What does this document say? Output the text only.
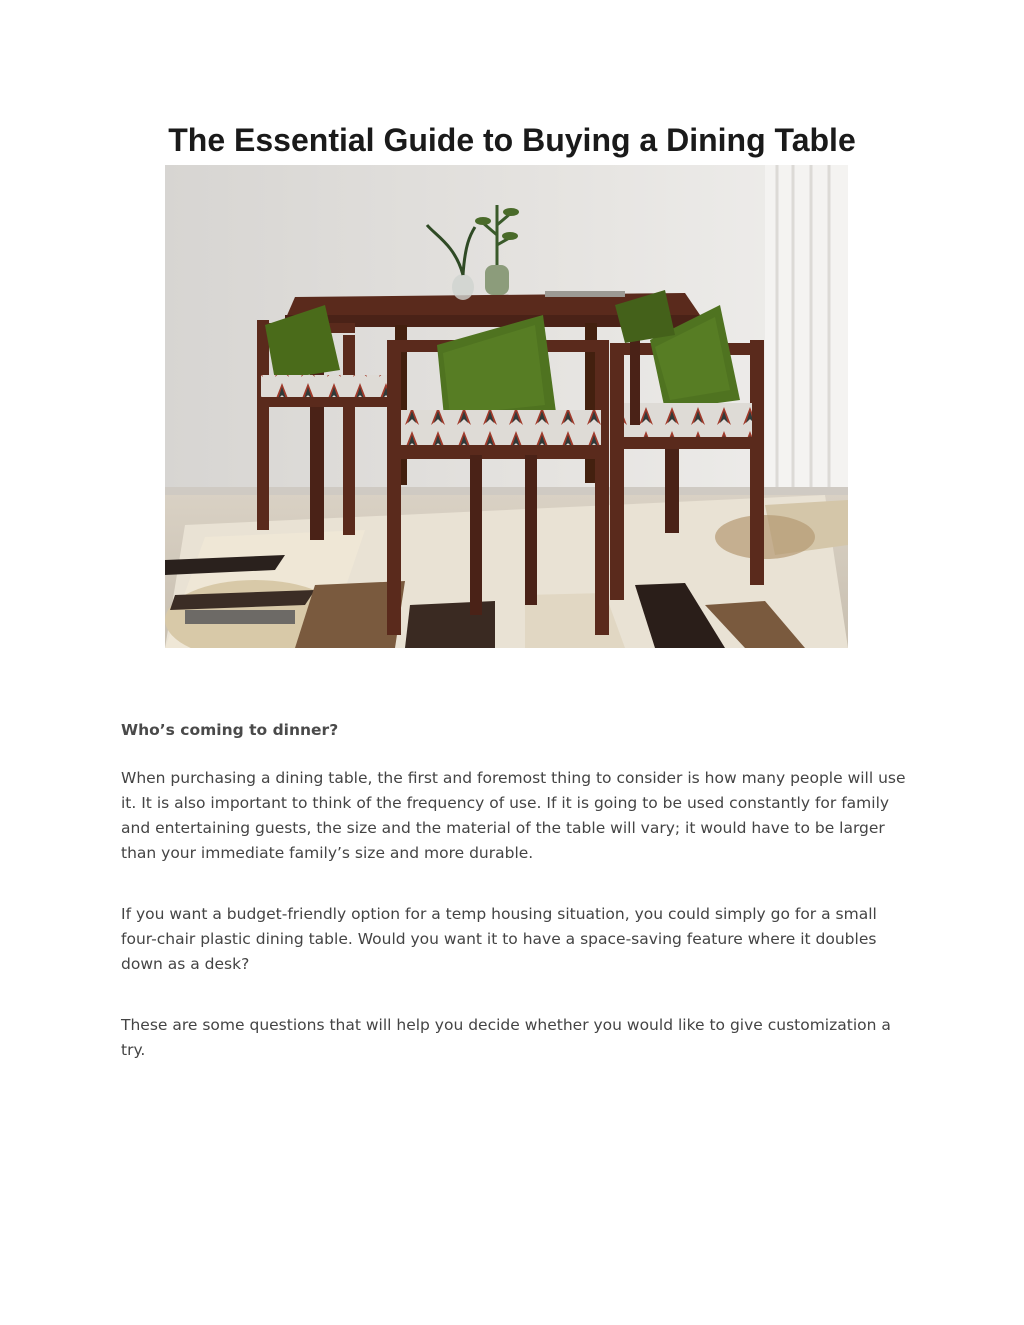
The Essential Guide to Buying a Dining Table

Who’s coming to dinner?

When purchasing a dining table, the first and foremost thing to consider is how many people will use it. It is also important to think of the frequency of use. If it is going to be used constantly for family and entertaining guests, the size and the material of the table will vary; it would have to be larger than your immediate family’s size and more durable.

If you want a budget-friendly option for a temp housing situation, you could simply go for a small four-chair plastic dining table. Would you want it to have a space-saving feature where it doubles down as a desk?

These are some questions that will help you decide whether you would like to give customization a try.
